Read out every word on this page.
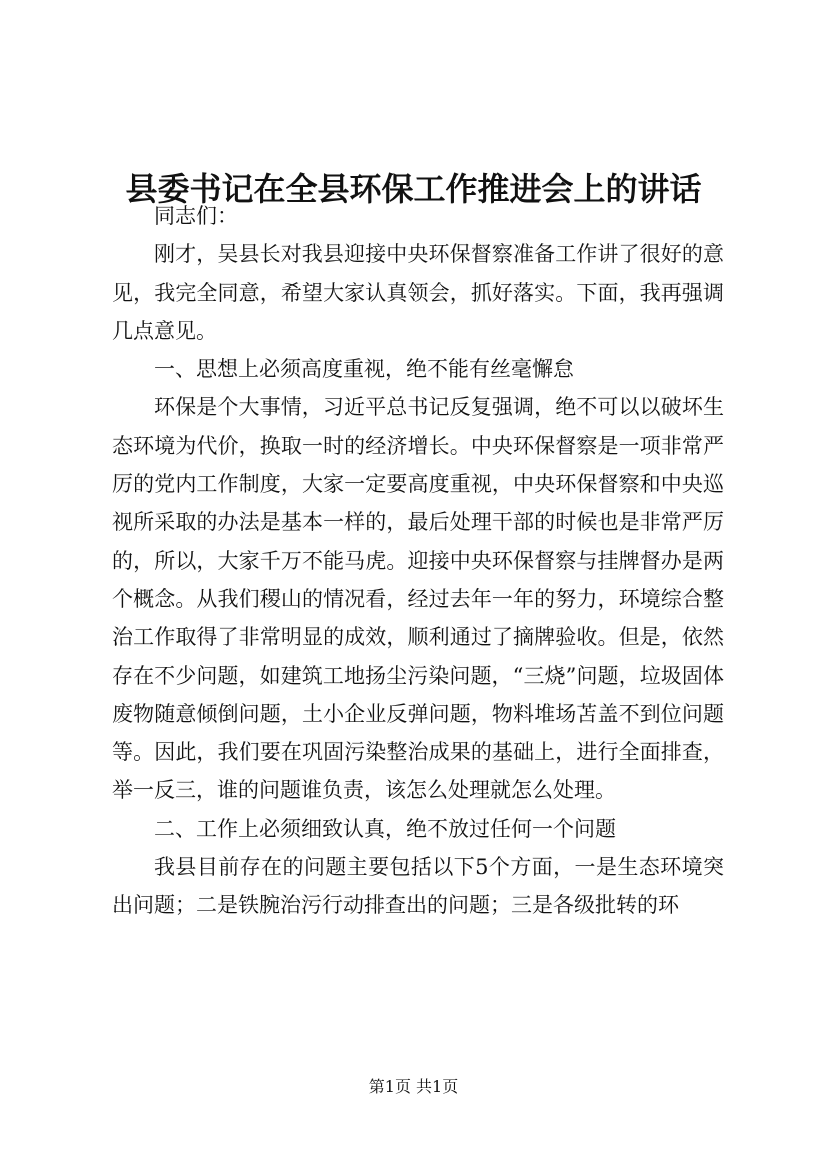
县委书记在全县环保工作推进会上的讲话

同志们：

刚才，吴县长对我县迎接中央环保督察准备工作讲了很好的意见，我完全同意，希望大家认真领会，抓好落实。下面，我再强调几点意见。

一、思想上必须高度重视，绝不能有丝毫懈怠

环保是个大事情，习近平总书记反复强调，绝不可以以破坏生态环境为代价，换取一时的经济增长。中央环保督察是一项非常严厉的党内工作制度，大家一定要高度重视，中央环保督察和中央巡视所采取的办法是基本一样的，最后处理干部的时候也是非常严厉的，所以，大家千万不能马虎。迎接中央环保督察与挂牌督办是两个概念。从我们稷山的情况看，经过去年一年的努力，环境综合整治工作取得了非常明显的成效，顺利通过了摘牌验收。但是，依然存在不少问题，如建筑工地扬尘污染问题，“三烧”问题，垃圾固体废物随意倾倒问题，土小企业反弹问题，物料堆场苫盖不到位问题等。因此，我们要在巩固污染整治成果的基础上，进行全面排查，举一反三，谁的问题谁负责，该怎么处理就怎么处理。

二、工作上必须细致认真，绝不放过任何一个问题

我县目前存在的问题主要包括以下5个方面，一是生态环境突出问题；二是铁腕治污行动排查出的问题；三是各级批转的环

第1页 共1页
